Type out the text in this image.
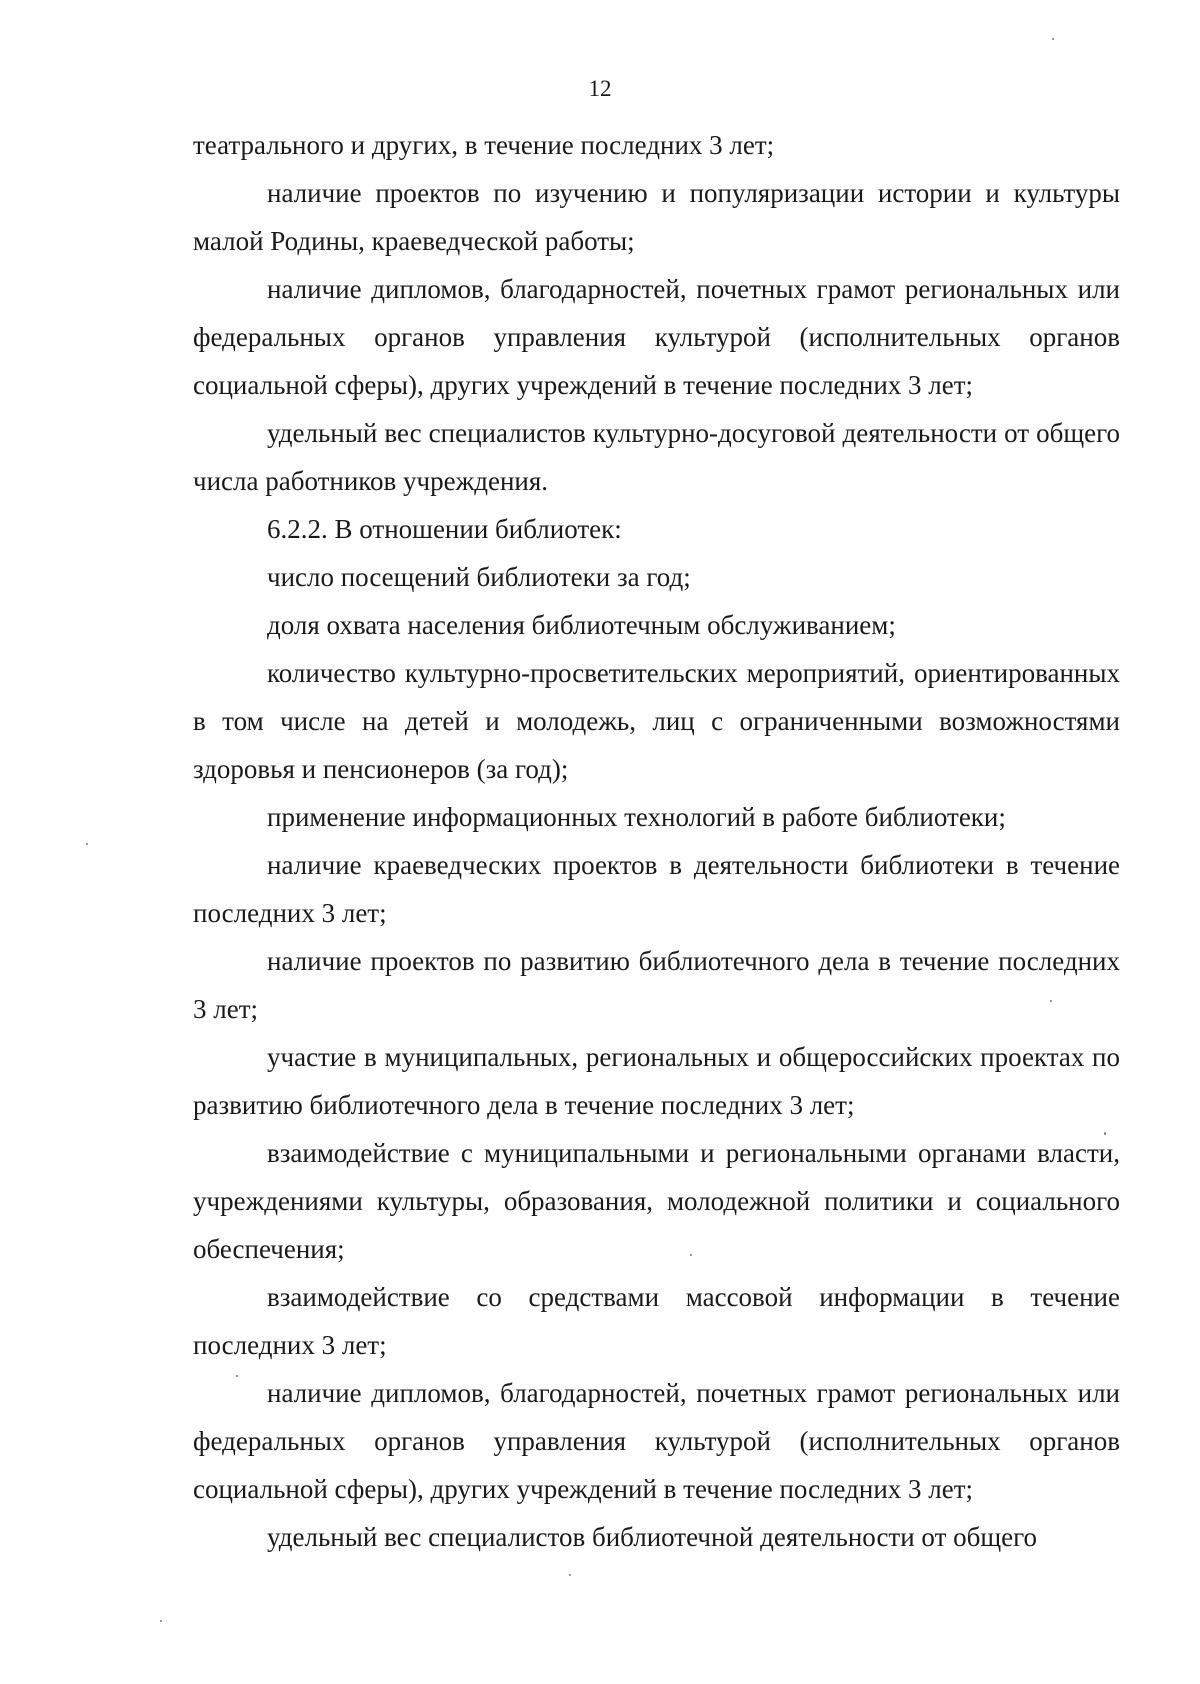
12

театрального и других, в течение последних 3 лет;

наличие проектов по изучению и популяризации истории и культуры малой Родины, краеведческой работы;

наличие дипломов, благодарностей, почетных грамот региональных или федеральных органов управления культурой (исполнительных органов социальной сферы), других учреждений в течение последних 3 лет;

удельный вес специалистов культурно-досуговой деятельности от общего числа работников учреждения.

6.2.2. В отношении библиотек:

число посещений библиотеки за год;

доля охвата населения библиотечным обслуживанием;

количество культурно-просветительских мероприятий, ориентированных в том числе на детей и молодежь, лиц с ограниченными возможностями здоровья и пенсионеров (за год);

применение информационных технологий в работе библиотеки;

наличие краеведческих проектов в деятельности библиотеки в течение последних 3 лет;

наличие проектов по развитию библиотечного дела в течение последних 3 лет;

участие в муниципальных, региональных и общероссийских проектах по развитию библиотечного дела в течение последних 3 лет;

взаимодействие с муниципальными и региональными органами власти, учреждениями культуры, образования, молодежной политики и социального обеспечения;

взаимодействие со средствами массовой информации в течение последних 3 лет;

наличие дипломов, благодарностей, почетных грамот региональных или федеральных органов управления культурой (исполнительных органов социальной сферы), других учреждений в течение последних 3 лет;

удельный вес специалистов библиотечной деятельности от общего
